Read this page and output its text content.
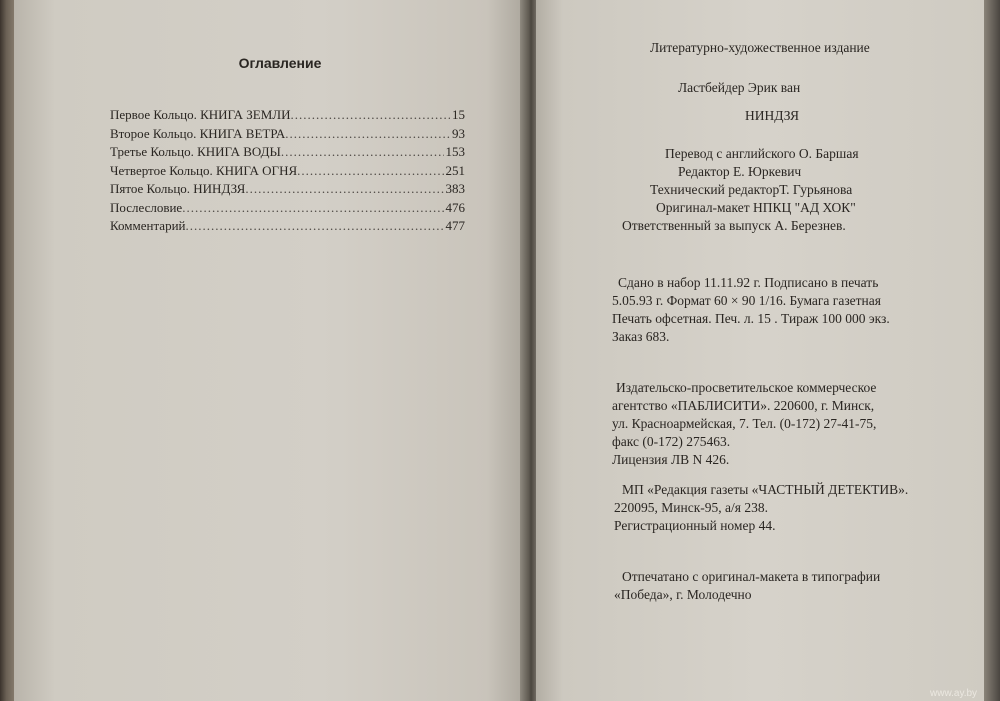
Оглавление
Первое Кольцо. КНИГА ЗЕМЛИ .....	15
Второе Кольцо. КНИГА ВЕТРА .....	93
Третье Кольцо. КНИГА ВОДЫ .....	153
Четвертое Кольцо. КНИГА ОГНЯ .....	251
Пятое Кольцо. НИНДЗЯ .....	383
Послесловие .....	476
Комментарий .....	477
Литературно-художественное издание
Ластбейдер Эрик ван
НИНДЗЯ
Перевод с английского О. Баршая
Редактор Е. Юркевич
Технический редакторТ. Гурьянова
Оригинал-макет НПКЦ "АД ХОК"
Ответственный за выпуск А. Березнев.
Сдано в набор 11.11.92 г. Подписано в печать
5.05.93 г. Формат 60 × 90 1/16. Бумага газетная
Печать офсетная. Печ. л. 15 . Тираж 100 000 экз.
Заказ 683.
Издательско-просветительское коммерческое
агентство «ПАБЛИСИТИ». 220600, г. Минск,
ул. Красноармейская, 7. Тел. (0-172) 27-41-75,
факс (0-172) 275463.
Лицензия ЛВ N 426.
МП «Редакция газеты «ЧАСТНЫЙ ДЕТЕКТИВ».
220095, Минск-95, а/я 238.
Регистрационный номер 44.
Отпечатано с оригинал-макета в типографии
«Победа», г. Молодечно
www.ay.by
